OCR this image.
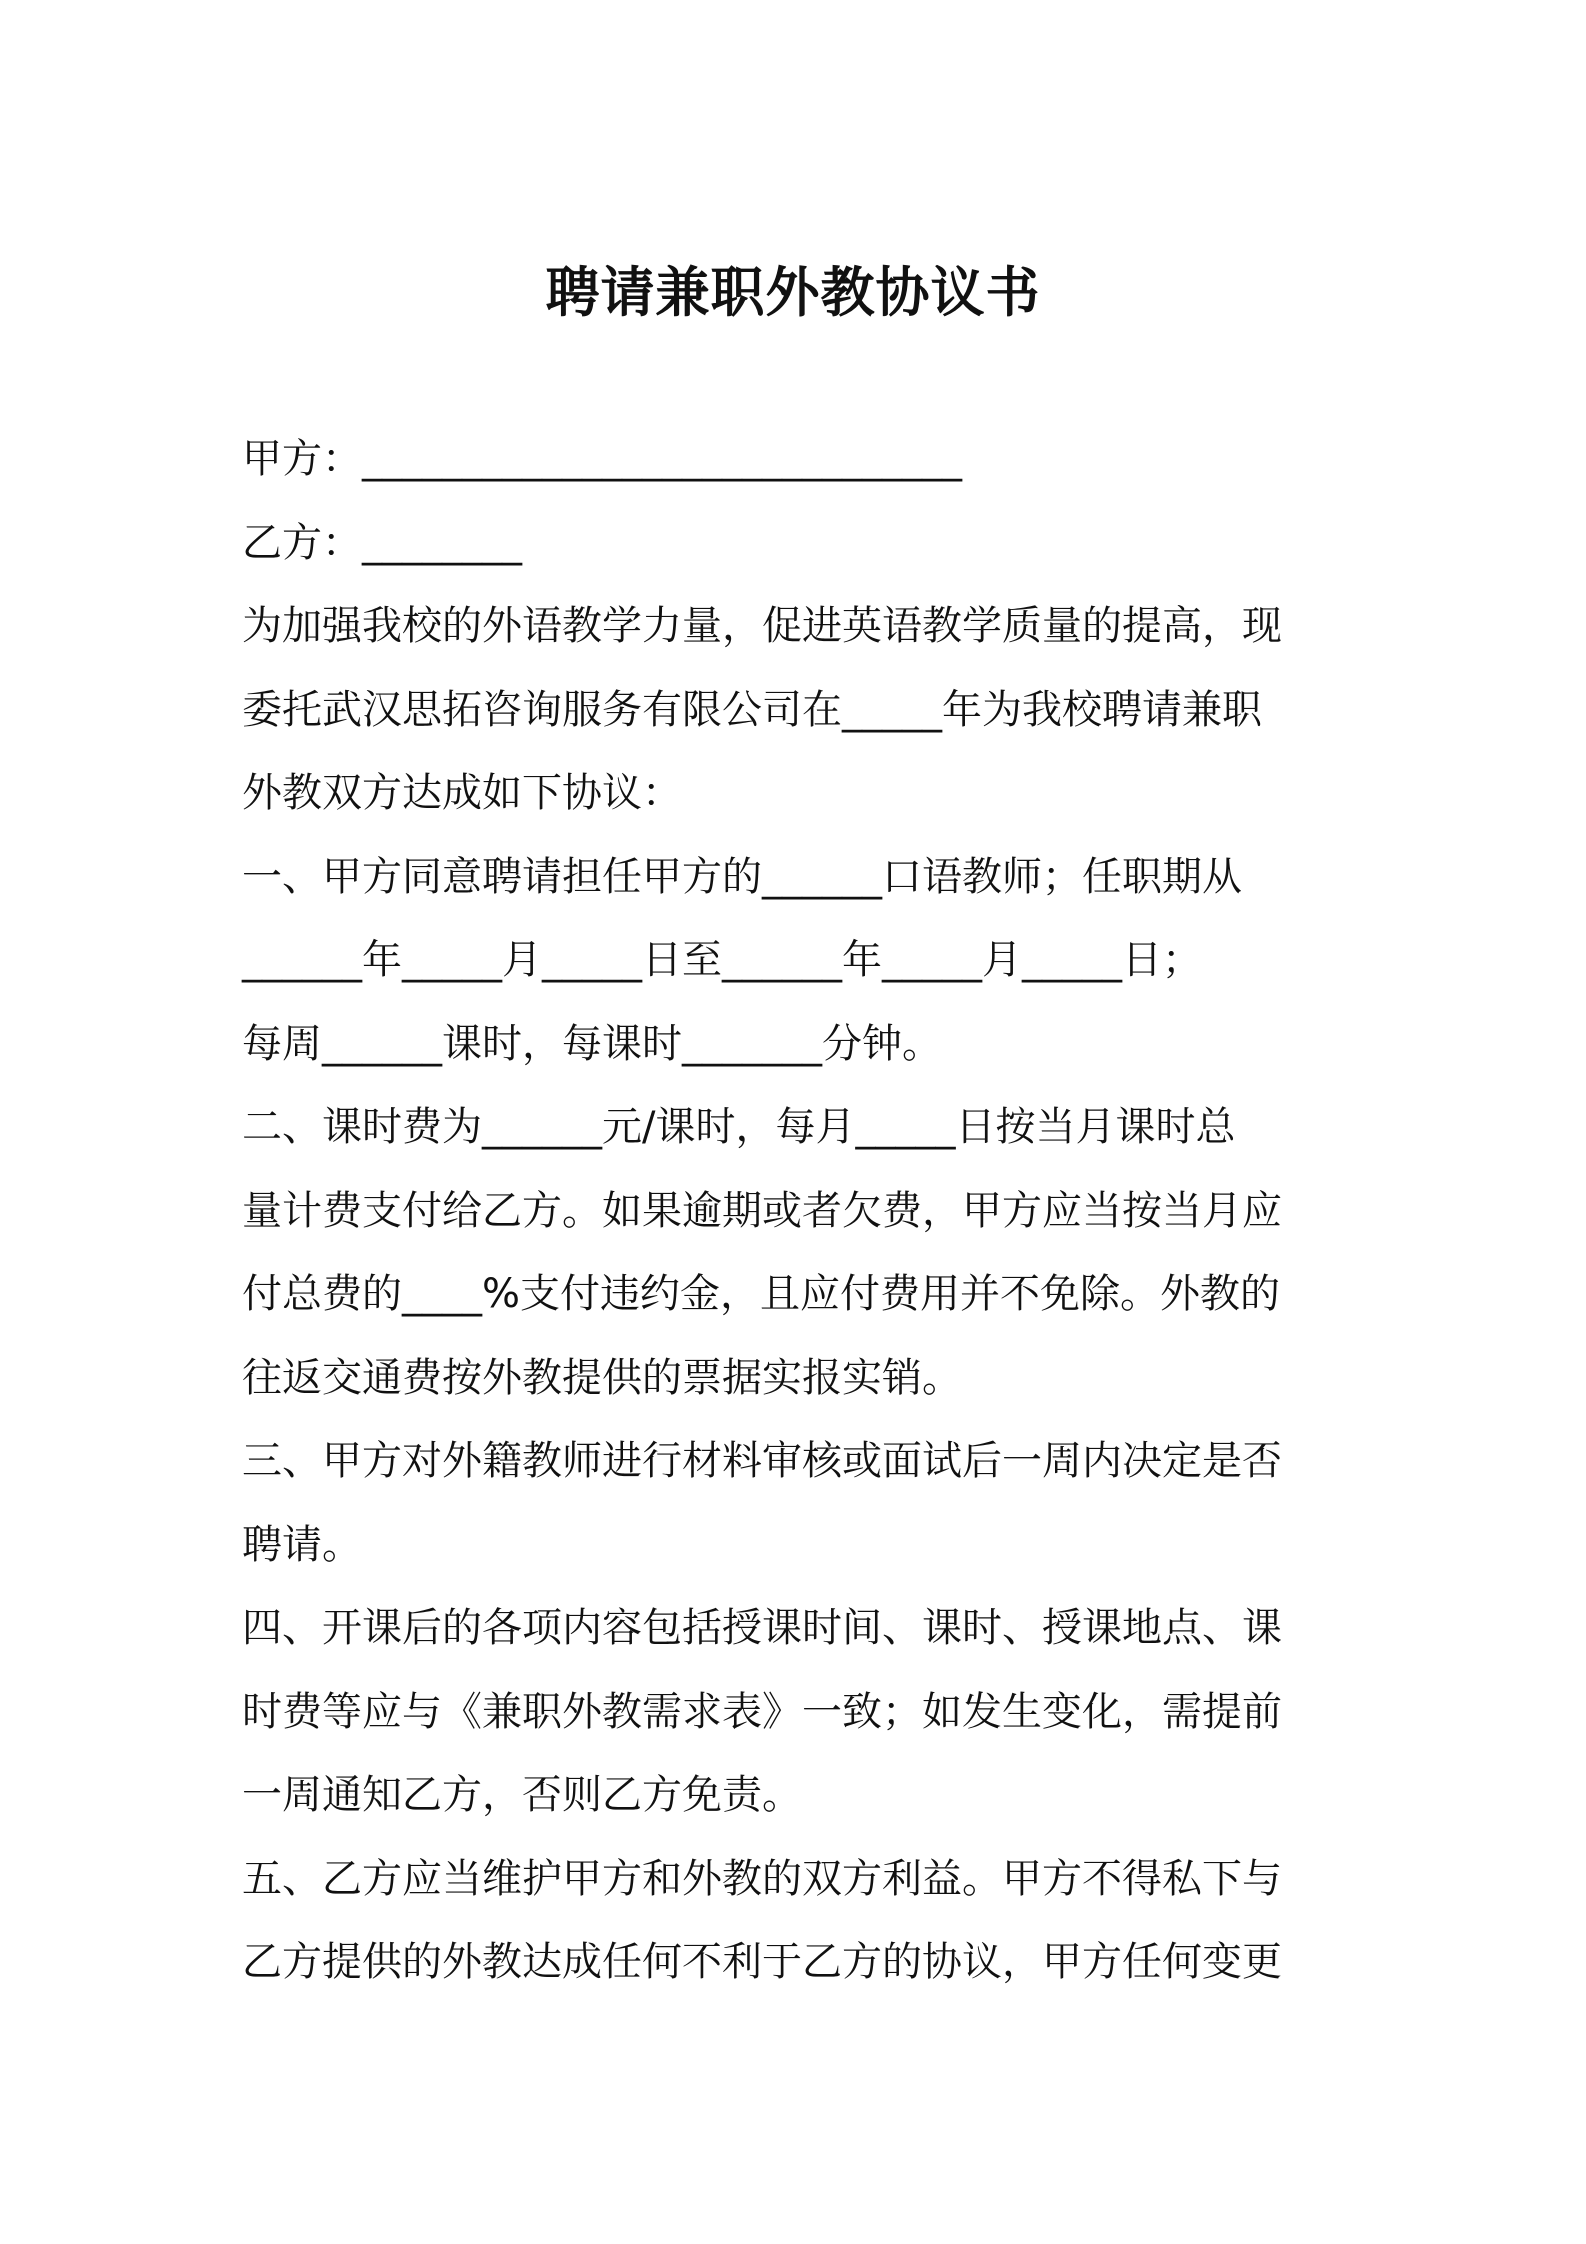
聘请兼职外教协议书
甲方：______________________________
乙方：________
为加强我校的外语教学力量，促进英语教学质量的提高，现
委托武汉思拓咨询服务有限公司在_____年为我校聘请兼职
外教双方达成如下协议：
一、甲方同意聘请担任甲方的______口语教师；任职期从
______年_____月_____日至______年_____月_____日；
每周______课时，每课时_______分钟。
二、课时费为______元/课时，每月_____日按当月课时总
量计费支付给乙方。如果逾期或者欠费，甲方应当按当月应
付总费的____%支付违约金，且应付费用并不免除。外教的
往返交通费按外教提供的票据实报实销。
三、甲方对外籍教师进行材料审核或面试后一周内决定是否
聘请。
四、开课后的各项内容包括授课时间、课时、授课地点、课
时费等应与《兼职外教需求表》一致；如发生变化，需提前
一周通知乙方，否则乙方免责。
五、乙方应当维护甲方和外教的双方利益。甲方不得私下与
乙方提供的外教达成任何不利于乙方的协议，甲方任何变更
